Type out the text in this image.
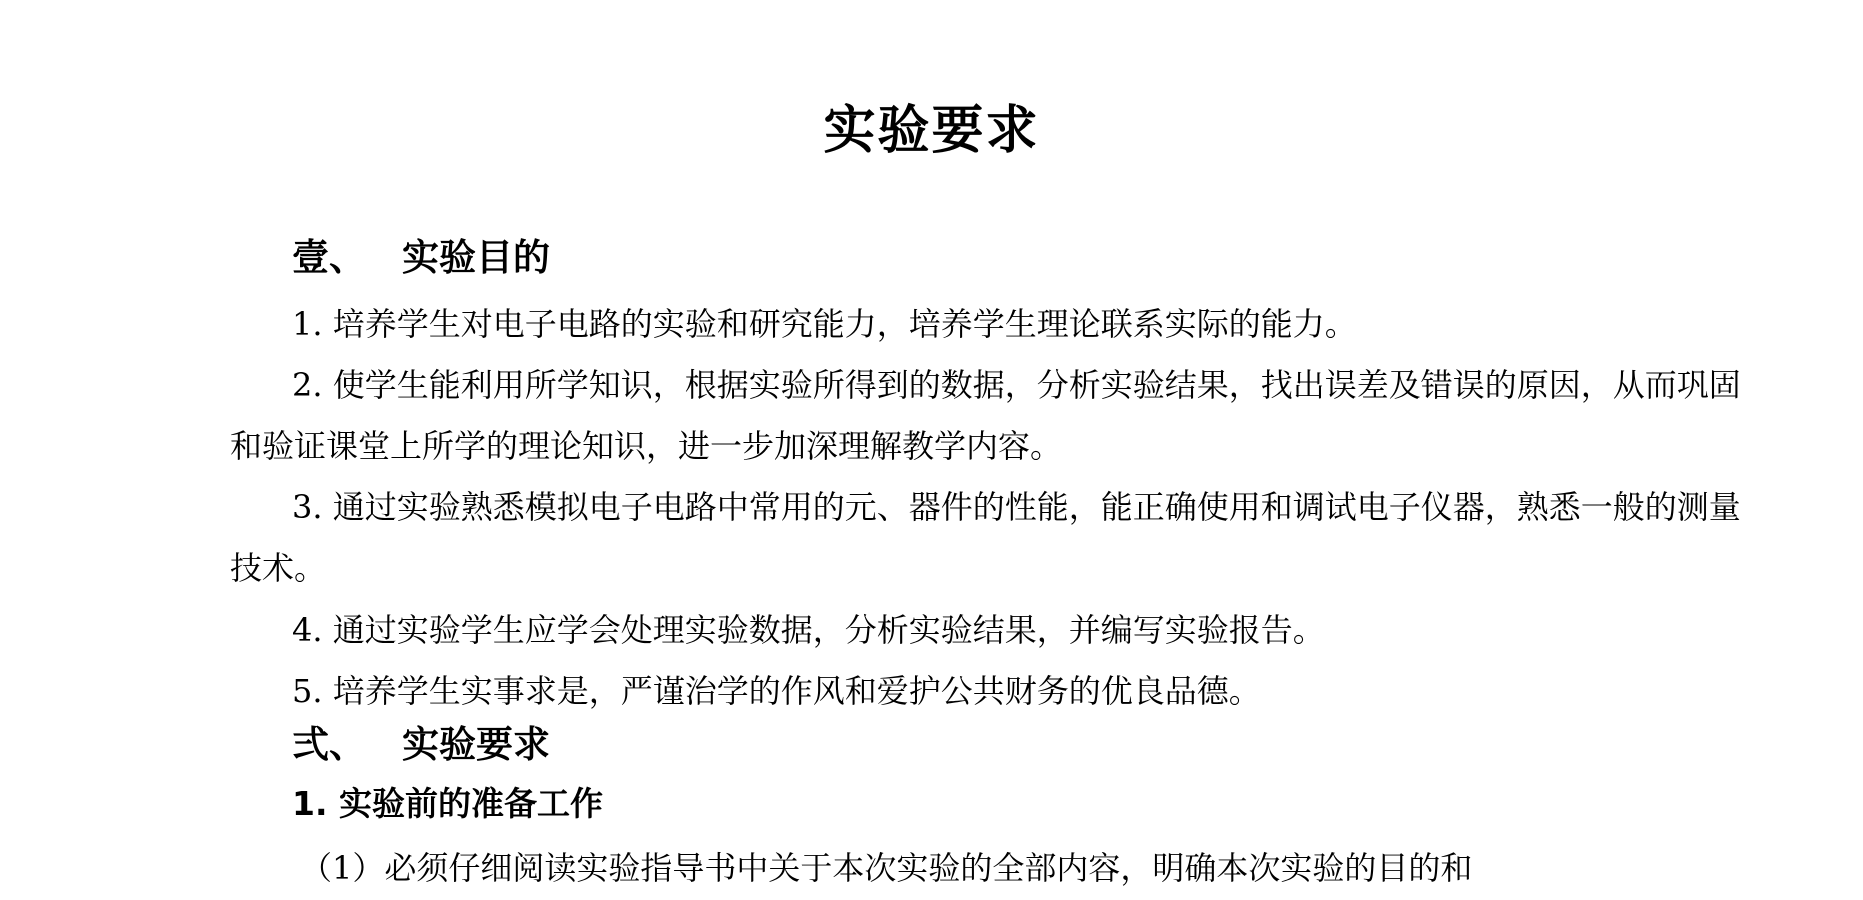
实验要求
壹、 实验目的

1. 培养学生对电子电路的实验和研究能力，培养学生理论联系实际的能力。

2. 使学生能利用所学知识，根据实验所得到的数据，分析实验结果，找出误差及错误的原因，从而巩固和验证课堂上所学的理论知识，进一步加深理解教学内容。

3. 通过实验熟悉模拟电子电路中常用的元、器件的性能，能正确使用和调试电子仪器，熟悉一般的测量技术。

4. 通过实验学生应学会处理实验数据，分析实验结果，并编写实验报告。

5. 培养学生实事求是，严谨治学的作风和爱护公共财务的优良品德。

弍、 实验要求
1. 实验前的准备工作

（1）必须仔细阅读实验指导书中关于本次实验的全部内容，明确本次实验的目的和
